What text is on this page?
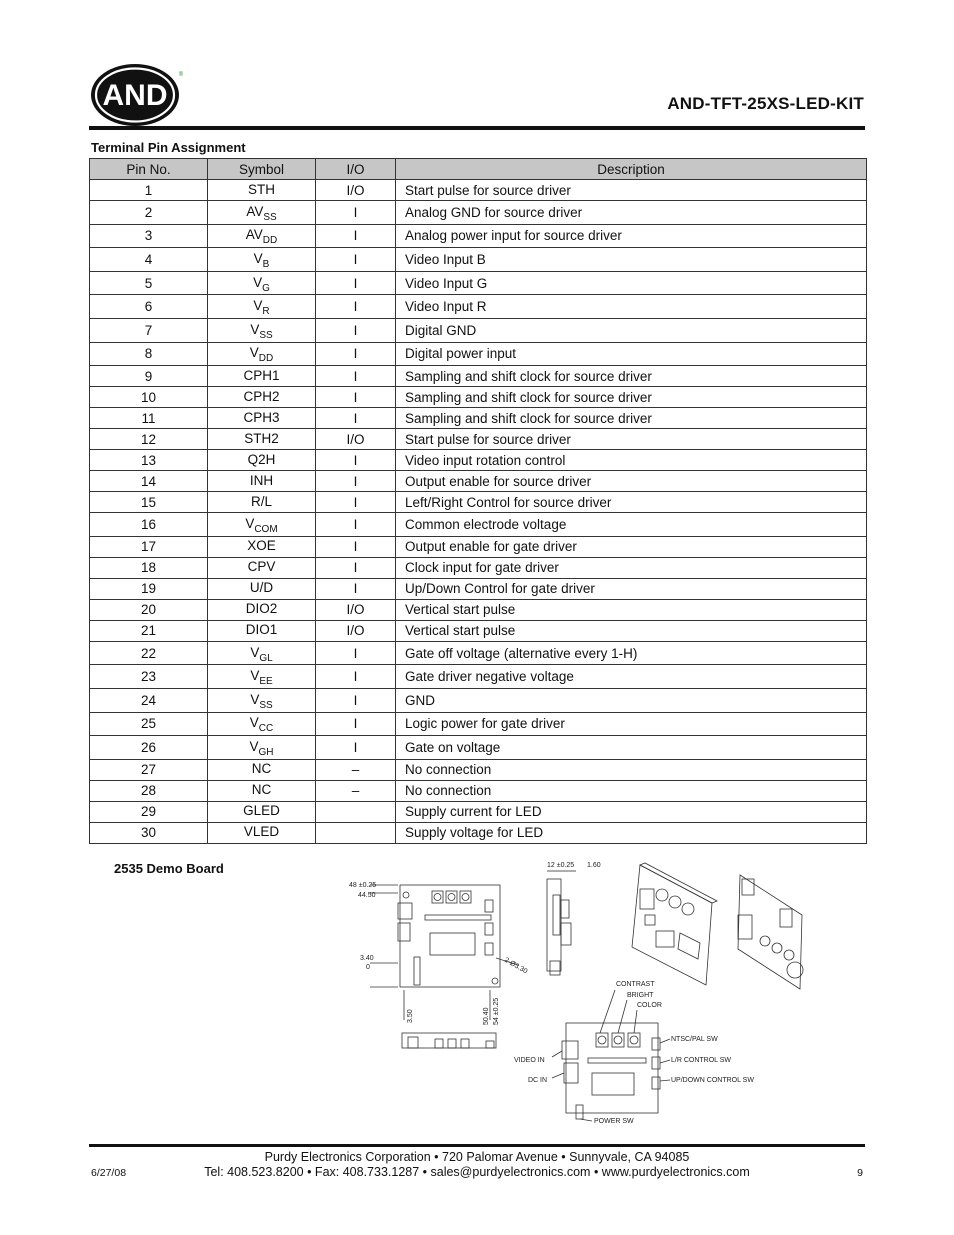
AND
®
AND-TFT-25XS-LED-KIT
Terminal Pin Assignment
Pin No.	Symbol	I/O	Description
1	STH	I/O	Start pulse for source driver
2	$AV_{SS}$	I	Analog GND for source driver
3	$AV_{DD}$	I	Analog power input for source driver
4	$V_B$	I	Video Input B
5	$V_G$	I	Video Input G
6	$V_R$	I	Video Input R
7	$V_{SS}$	I	Digital GND
8	$V_{DD}$	I	Digital power input
9	CPH1	I	Sampling and shift clock for source driver
10	CPH2	I	Sampling and shift clock for source driver
11	CPH3	I	Sampling and shift clock for source driver
12	STH2	I/O	Start pulse for source driver
13	Q2H	I	Video input rotation control
14	INH	I	Output enable for source driver
15	R/L	I	Left/Right Control for source driver
16	$V_{COM}$	I	Common electrode voltage
17	XOE	I	Output enable for gate driver
18	CPV	I	Clock input for gate driver
19	U/D	I	Up/Down Control for gate driver
20	DIO2	I/O	Vertical start pulse
21	DIO1	I/O	Vertical start pulse
22	$V_{GL}$	I	Gate off voltage (alternative every 1-H)
23	$V_{EE}$	I	Gate driver negative voltage
24	$V_{SS}$	I	GND
25	$V_{CC}$	I	Logic power for gate driver
26	$V_{GH}$	I	Gate on voltage
27	NC	–	No connection
28	NC	–	No connection
29	GLED		Supply current for LED
30	VLED		Supply voltage for LED
2535 Demo Board
48 ±0.25
44.50
3.40
0
12 ±0.25 1.60
3.50	50.40 54 ±0.25
2-Ø3.30
CONTRAST
BRIGHT
COLOR
NTSC/PAL SW
L/R CONTROL SW
UP/DOWN CONTROL SW
VIDEO IN
DC IN
POWER SW
Purdy Electronics Corporation • 720 Palomar Avenue • Sunnyvale, CA 94085
Tel: 408.523.8200 • Fax: 408.733.1287 • sales@purdyelectronics.com • www.purdyelectronics.com
6/27/08	9
